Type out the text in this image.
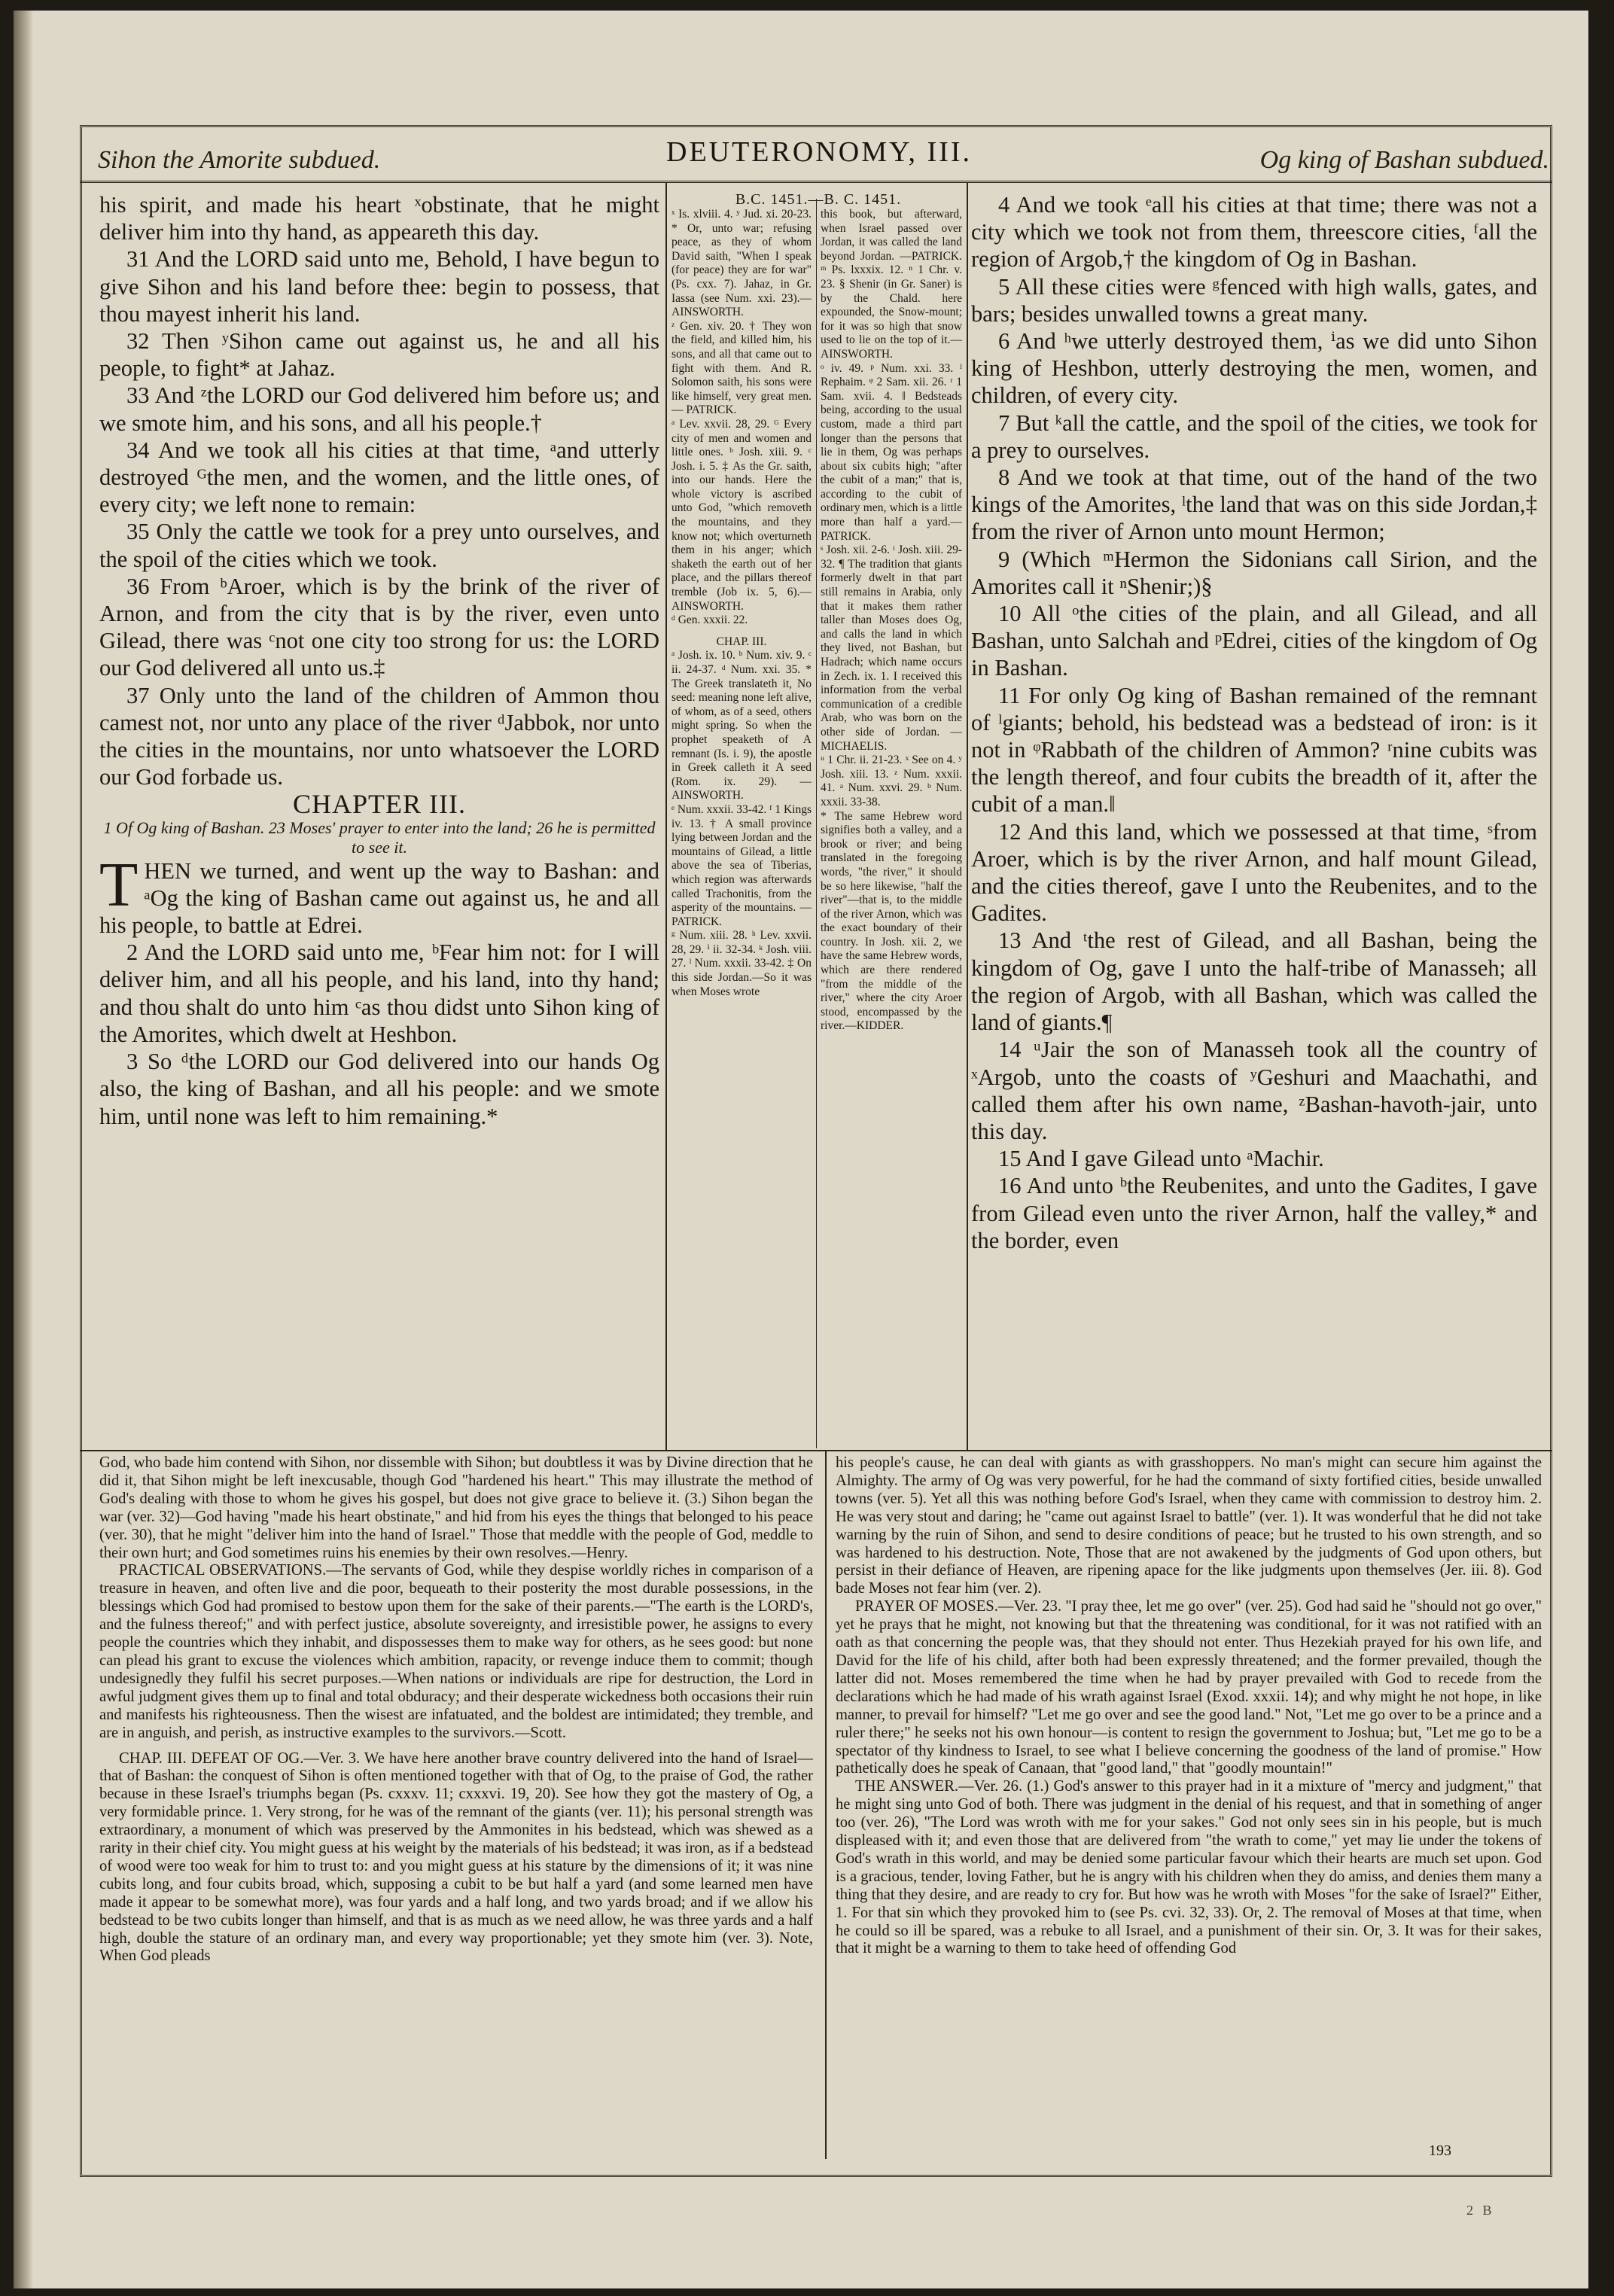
Sihon the Amorite subdued.	DEUTERONOMY, III.	Og king of Bashan subdued.

his spirit, and made his heart ˣobstinate, that he might deliver him into thy hand, as appeareth this day.

31 And the LORD said unto me, Behold, I have begun to give Sihon and his land before thee: begin to possess, that thou mayest inherit his land.

32 Then ʸSihon came out against us, he and all his people, to fight* at Jahaz.

33 And ᶻthe LORD our God delivered him before us; and we smote him, and his sons, and all his people.†

34 And we took all his cities at that time, ᵃand utterly destroyed ᴳthe men, and the women, and the little ones, of every city; we left none to remain:

35 Only the cattle we took for a prey unto ourselves, and the spoil of the cities which we took.

36 From ᵇAroer, which is by the brink of the river of Arnon, and from the city that is by the river, even unto Gilead, there was ᶜnot one city too strong for us: the LORD our God delivered all unto us.‡

37 Only unto the land of the children of Ammon thou camest not, nor unto any place of the river ᵈJabbok, nor unto the cities in the mountains, nor unto whatsoever the LORD our God forbade us.

CHAPTER III.

1 Of Og king of Bashan. 23 Moses' prayer to enter into the land; 26 he is permitted to see it.

THEN we turned, and went up the way to Bashan: and ᵃOg the king of Bashan came out against us, he and all his people, to battle at Edrei.

2 And the LORD said unto me, ᵇFear him not: for I will deliver him, and all his people, and his land, into thy hand; and thou shalt do unto him ᶜas thou didst unto Sihon king of the Amorites, which dwelt at Heshbon.

3 So ᵈthe LORD our God delivered into our hands Og also, the king of Bashan, and all his people: and we smote him, until none was left to him remaining.*

B.C. 1451.—B. C. 1451.

ˣ Is. xlviii. 4. ʸ Jud. xi. 20-23. * Or, unto war; refusing peace, as they of whom David saith, "When I speak (for peace) they are for war" (Ps. cxx. 7). Jahaz, in Gr. Iassa (see Num. xxi. 23).—AINSWORTH.

ᶻ Gen. xiv. 20. † They won the field, and killed him, his sons, and all that came out to fight with them. And R. Solomon saith, his sons were like himself, very great men. — PATRICK.

ᵃ Lev. xxvii. 28, 29. ᴳ Every city of men and women and little ones. ᵇ Josh. xiii. 9. ᶜ Josh. i. 5. ‡ As the Gr. saith, into our hands. Here the whole victory is ascribed unto God, "which removeth the mountains, and they know not; which overturneth them in his anger; which shaketh the earth out of her place, and the pillars thereof tremble (Job ix. 5, 6).—AINSWORTH.

ᵈ Gen. xxxii. 22.

CHAP. III.

ᵃ Josh. ix. 10. ᵇ Num. xiv. 9. ᶜ ii. 24-37. ᵈ Num. xxi. 35. * The Greek translateth it, No seed: meaning none left alive, of whom, as of a seed, others might spring. So when the prophet speaketh of A remnant (Is. i. 9), the apostle in Greek calleth it A seed (Rom. ix. 29). —AINSWORTH.

ᵉ Num. xxxii. 33-42. ᶠ 1 Kings iv. 13. † A small province lying between Jordan and the mountains of Gilead, a little above the sea of Tiberias, which region was afterwards called Trachonitis, from the asperity of the mountains. — PATRICK.

ᵍ Num. xiii. 28. ʰ Lev. xxvii. 28, 29. ⁱ ii. 32-34. ᵏ Josh. viii. 27. ˡ Num. xxxii. 33-42. ‡ On this side Jordan.—So it was when Moses wrote

this book, but afterward, when Israel passed over Jordan, it was called the land beyond Jordan. —PATRICK. ᵐ Ps. lxxxix. 12. ⁿ 1 Chr. v. 23. § Shenir (in Gr. Saner) is by the Chald. here expounded, the Snow-mount; for it was so high that snow used to lie on the top of it.—AINSWORTH.

ᵒ iv. 49. ᵖ Num. xxi. 33. ˡ Rephaim. ᵠ 2 Sam. xii. 26. ʳ 1 Sam. xvii. 4. ‖ Bedsteads being, according to the usual custom, made a third part longer than the persons that lie in them, Og was perhaps about six cubits high; "after the cubit of a man;" that is, according to the cubit of ordinary men, which is a little more than half a yard.—PATRICK.

ˢ Josh. xii. 2-6. ᵗ Josh. xiii. 29-32. ¶ The tradition that giants formerly dwelt in that part still remains in Arabia, only that it makes them rather taller than Moses does Og, and calls the land in which they lived, not Bashan, but Hadrach; which name occurs in Zech. ix. 1. I received this information from the verbal communication of a credible Arab, who was born on the other side of Jordan. —MICHAELIS.

ᵘ 1 Chr. ii. 21-23. ˣ See on 4. ʸ Josh. xiii. 13. ᶻ Num. xxxii. 41. ᵃ Num. xxvi. 29. ᵇ Num. xxxii. 33-38.

* The same Hebrew word signifies both a valley, and a brook or river; and being translated in the foregoing words, "the river," it should be so here likewise, "half the river"—that is, to the middle of the river Arnon, which was the exact boundary of their country. In Josh. xii. 2, we have the same Hebrew words, which are there rendered "from the middle of the river," where the city Aroer stood, encompassed by the river.—KIDDER.

4 And we took ᵉall his cities at that time; there was not a city which we took not from them, threescore cities, ᶠall the region of Argob,† the kingdom of Og in Bashan.

5 All these cities were ᵍfenced with high walls, gates, and bars; besides unwalled towns a great many.

6 And ʰwe utterly destroyed them, ⁱas we did unto Sihon king of Heshbon, utterly destroying the men, women, and children, of every city.

7 But ᵏall the cattle, and the spoil of the cities, we took for a prey to ourselves.

8 And we took at that time, out of the hand of the two kings of the Amorites, ˡthe land that was on this side Jordan,‡ from the river of Arnon unto mount Hermon;

9 (Which ᵐHermon the Sidonians call Sirion, and the Amorites call it ⁿShenir;)§

10 All ᵒthe cities of the plain, and all Gilead, and all Bashan, unto Salchah and ᵖEdrei, cities of the kingdom of Og in Bashan.

11 For only Og king of Bashan remained of the remnant of ˡgiants; behold, his bedstead was a bedstead of iron: is it not in ᵠRabbath of the children of Ammon? ʳnine cubits was the length thereof, and four cubits the breadth of it, after the cubit of a man.‖

12 And this land, which we possessed at that time, ˢfrom Aroer, which is by the river Arnon, and half mount Gilead, and the cities thereof, gave I unto the Reubenites, and to the Gadites.

13 And ᵗthe rest of Gilead, and all Bashan, being the kingdom of Og, gave I unto the half-tribe of Manasseh; all the region of Argob, with all Bashan, which was called the land of giants.¶

14 ᵘJair the son of Manasseh took all the country of ˣArgob, unto the coasts of ʸGeshuri and Maachathi, and called them after his own name, ᶻBashan-havoth-jair, unto this day.

15 And I gave Gilead unto ᵃMachir.

16 And unto ᵇthe Reubenites, and unto the Gadites, I gave from Gilead even unto the river Arnon, half the valley,* and the border, even

God, who bade him contend with Sihon, nor dissemble with Sihon; but doubtless it was by Divine direction that he did it, that Sihon might be left inexcusable, though God "hardened his heart." This may illustrate the method of God's dealing with those to whom he gives his gospel, but does not give grace to believe it. (3.) Sihon began the war (ver. 32)—God having "made his heart obstinate," and hid from his eyes the things that belonged to his peace (ver. 30), that he might "deliver him into the hand of Israel." Those that meddle with the people of God, meddle to their own hurt; and God sometimes ruins his enemies by their own resolves.—Henry.

PRACTICAL OBSERVATIONS.—The servants of God, while they despise worldly riches in comparison of a treasure in heaven, and often live and die poor, bequeath to their posterity the most durable possessions, in the blessings which God had promised to bestow upon them for the sake of their parents.—"The earth is the LORD's, and the fulness thereof;" and with perfect justice, absolute sovereignty, and irresistible power, he assigns to every people the countries which they inhabit, and dispossesses them to make way for others, as he sees good: but none can plead his grant to excuse the violences which ambition, rapacity, or revenge induce them to commit; though undesignedly they fulfil his secret purposes.—When nations or individuals are ripe for destruction, the Lord in awful judgment gives them up to final and total obduracy; and their desperate wickedness both occasions their ruin and manifests his righteousness. Then the wisest are infatuated, and the boldest are intimidated; they tremble, and are in anguish, and perish, as instructive examples to the survivors.—Scott.

CHAP. III. DEFEAT OF OG.—Ver. 3. We have here another brave country delivered into the hand of Israel—that of Bashan: the conquest of Sihon is often mentioned together with that of Og, to the praise of God, the rather because in these Israel's triumphs began (Ps. cxxxv. 11; cxxxvi. 19, 20). See how they got the mastery of Og, a very formidable prince. 1. Very strong, for he was of the remnant of the giants (ver. 11); his personal strength was extraordinary, a monument of which was preserved by the Ammonites in his bedstead, which was shewed as a rarity in their chief city. You might guess at his weight by the materials of his bedstead; it was iron, as if a bedstead of wood were too weak for him to trust to: and you might guess at his stature by the dimensions of it; it was nine cubits long, and four cubits broad, which, supposing a cubit to be but half a yard (and some learned men have made it appear to be somewhat more), was four yards and a half long, and two yards broad; and if we allow his bedstead to be two cubits longer than himself, and that is as much as we need allow, he was three yards and a half high, double the stature of an ordinary man, and every way proportionable; yet they smote him (ver. 3). Note, When God pleads

his people's cause, he can deal with giants as with grasshoppers. No man's might can secure him against the Almighty. The army of Og was very powerful, for he had the command of sixty fortified cities, beside unwalled towns (ver. 5). Yet all this was nothing before God's Israel, when they came with commission to destroy him. 2. He was very stout and daring; he "came out against Israel to battle" (ver. 1). It was wonderful that he did not take warning by the ruin of Sihon, and send to desire conditions of peace; but he trusted to his own strength, and so was hardened to his destruction. Note, Those that are not awakened by the judgments of God upon others, but persist in their defiance of Heaven, are ripening apace for the like judgments upon themselves (Jer. iii. 8). God bade Moses not fear him (ver. 2).

PRAYER OF MOSES.—Ver. 23. "I pray thee, let me go over" (ver. 25). God had said he "should not go over," yet he prays that he might, not knowing but that the threatening was conditional, for it was not ratified with an oath as that concerning the people was, that they should not enter. Thus Hezekiah prayed for his own life, and David for the life of his child, after both had been expressly threatened; and the former prevailed, though the latter did not. Moses remembered the time when he had by prayer prevailed with God to recede from the declarations which he had made of his wrath against Israel (Exod. xxxii. 14); and why might he not hope, in like manner, to prevail for himself? "Let me go over and see the good land." Not, "Let me go over to be a prince and a ruler there;" he seeks not his own honour—is content to resign the government to Joshua; but, "Let me go to be a spectator of thy kindness to Israel, to see what I believe concerning the goodness of the land of promise." How pathetically does he speak of Canaan, that "good land," that "goodly mountain!"

THE ANSWER.—Ver. 26. (1.) God's answer to this prayer had in it a mixture of "mercy and judgment," that he might sing unto God of both. There was judgment in the denial of his request, and that in something of anger too (ver. 26), "The Lord was wroth with me for your sakes." God not only sees sin in his people, but is much displeased with it; and even those that are delivered from "the wrath to come," yet may lie under the tokens of God's wrath in this world, and may be denied some particular favour which their hearts are much set upon. God is a gracious, tender, loving Father, but he is angry with his children when they do amiss, and denies them many a thing that they desire, and are ready to cry for. But how was he wroth with Moses "for the sake of Israel?" Either, 1. For that sin which they provoked him to (see Ps. cvi. 32, 33). Or, 2. The removal of Moses at that time, when he could so ill be spared, was a rebuke to all Israel, and a punishment of their sin. Or, 3. It was for their sakes, that it might be a warning to them to take heed of offending God

193
2 B
